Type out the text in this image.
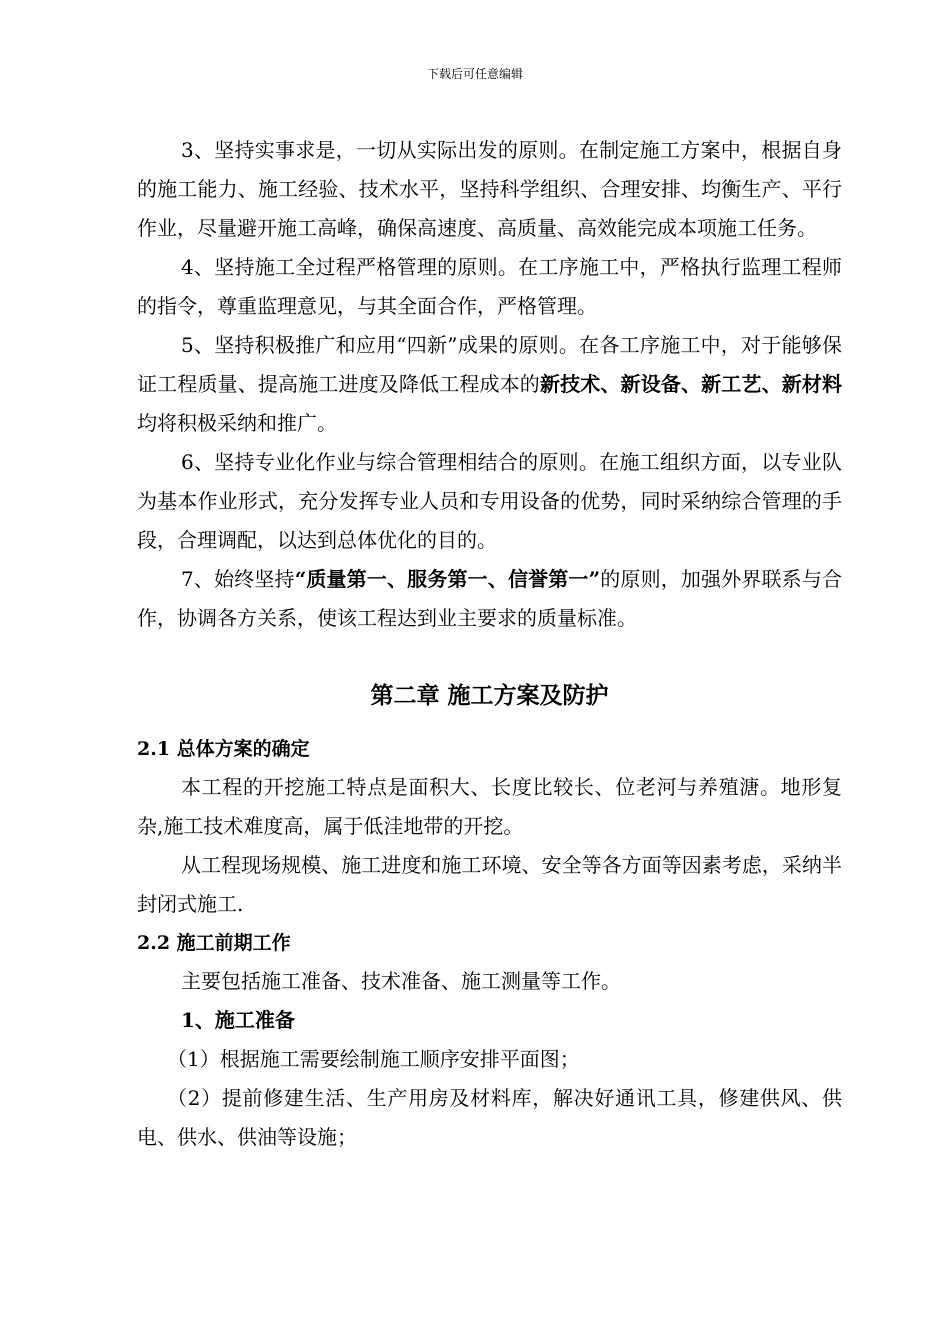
下载后可任意编辑

3、坚持实事求是，一切从实际出发的原则。在制定施工方案中，根据自身的施工能力、施工经验、技术水平，坚持科学组织、合理安排、均衡生产、平行作业，尽量避开施工高峰，确保高速度、高质量、高效能完成本项施工任务。

4、坚持施工全过程严格管理的原则。在工序施工中，严格执行监理工程师的指令，尊重监理意见，与其全面合作，严格管理。

5、坚持积极推广和应用“四新”成果的原则。在各工序施工中，对于能够保证工程质量、提高施工进度及降低工程成本的新技术、新设备、新工艺、新材料均将积极采纳和推广。

6、坚持专业化作业与综合管理相结合的原则。在施工组织方面，以专业队为基本作业形式，充分发挥专业人员和专用设备的优势，同时采纳综合管理的手段，合理调配，以达到总体优化的目的。

7、始终坚持“质量第一、服务第一、信誉第一”的原则，加强外界联系与合作，协调各方关系，使该工程达到业主要求的质量标准。

第二章 施工方案及防护

2.1 总体方案的确定

本工程的开挖施工特点是面积大、长度比较长、位老河与养殖溏。地形复杂,施工技术难度高，属于低洼地带的开挖。

从工程现场规模、施工进度和施工环境、安全等各方面等因素考虑，采纳半封闭式施工.

2.2 施工前期工作

主要包括施工准备、技术准备、施工测量等工作。

1、施工准备

（1）根据施工需要绘制施工顺序安排平面图；

（2）提前修建生活、生产用房及材料库，解决好通讯工具，修建供风、供电、供水、供油等设施；
